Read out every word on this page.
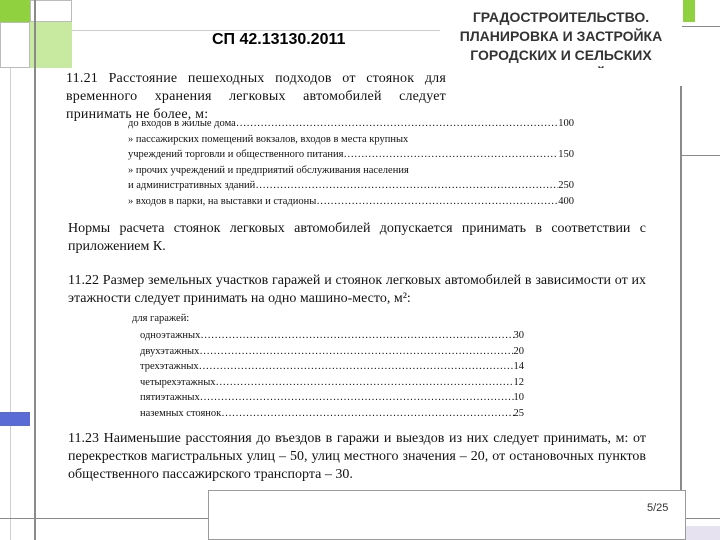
СП 42.13130.2011
ГРАДОСТРОИТЕЛЬСТВО. ПЛАНИРОВКА И ЗАСТРОЙКА ГОРОДСКИХ И СЕЛЬСКИХ
11.21 Расстояние пешеходных подходов от стоянок для временного хранения легковых автомобилей следует принимать не более, м:
до входов в жилые дома …………………………………………………………………………………………………………………………	100
» пассажирских помещений вокзалов, входов в места крупных
учреждений торговли и общественного питания …………………………………………………………………………………………………………………………	150
» прочих учреждений и предприятий обслуживания населения
и административных зданий …………………………………………………………………………………………………………………………	250
» входов в парки, на выставки и стадионы …………………………………………………………………………………………………………………………	400
Нормы расчета стоянок легковых автомобилей допускается принимать в соответствии с приложением К.
11.22 Размер земельных участков гаражей и стоянок легковых автомобилей в зависимости от их этажности следует принимать на одно машино-место, м²:
для гаражей:
одноэтажных …………………………………………………………………………………………………………………………	30
двухэтажных …………………………………………………………………………………………………………………………	20
трехэтажных …………………………………………………………………………………………………………………………	14
четырехэтажных …………………………………………………………………………………………………………………………	12
пятиэтажных …………………………………………………………………………………………………………………………	10
наземных стоянок …………………………………………………………………………………………………………………………	25
11.23 Наименьшие расстояния до въездов в гаражи и выездов из них следует принимать, м: от перекрестков магистральных улиц – 50, улиц местного значения – 20, от остановочных пунктов общественного пассажирского транспорта – 30.
5/25
